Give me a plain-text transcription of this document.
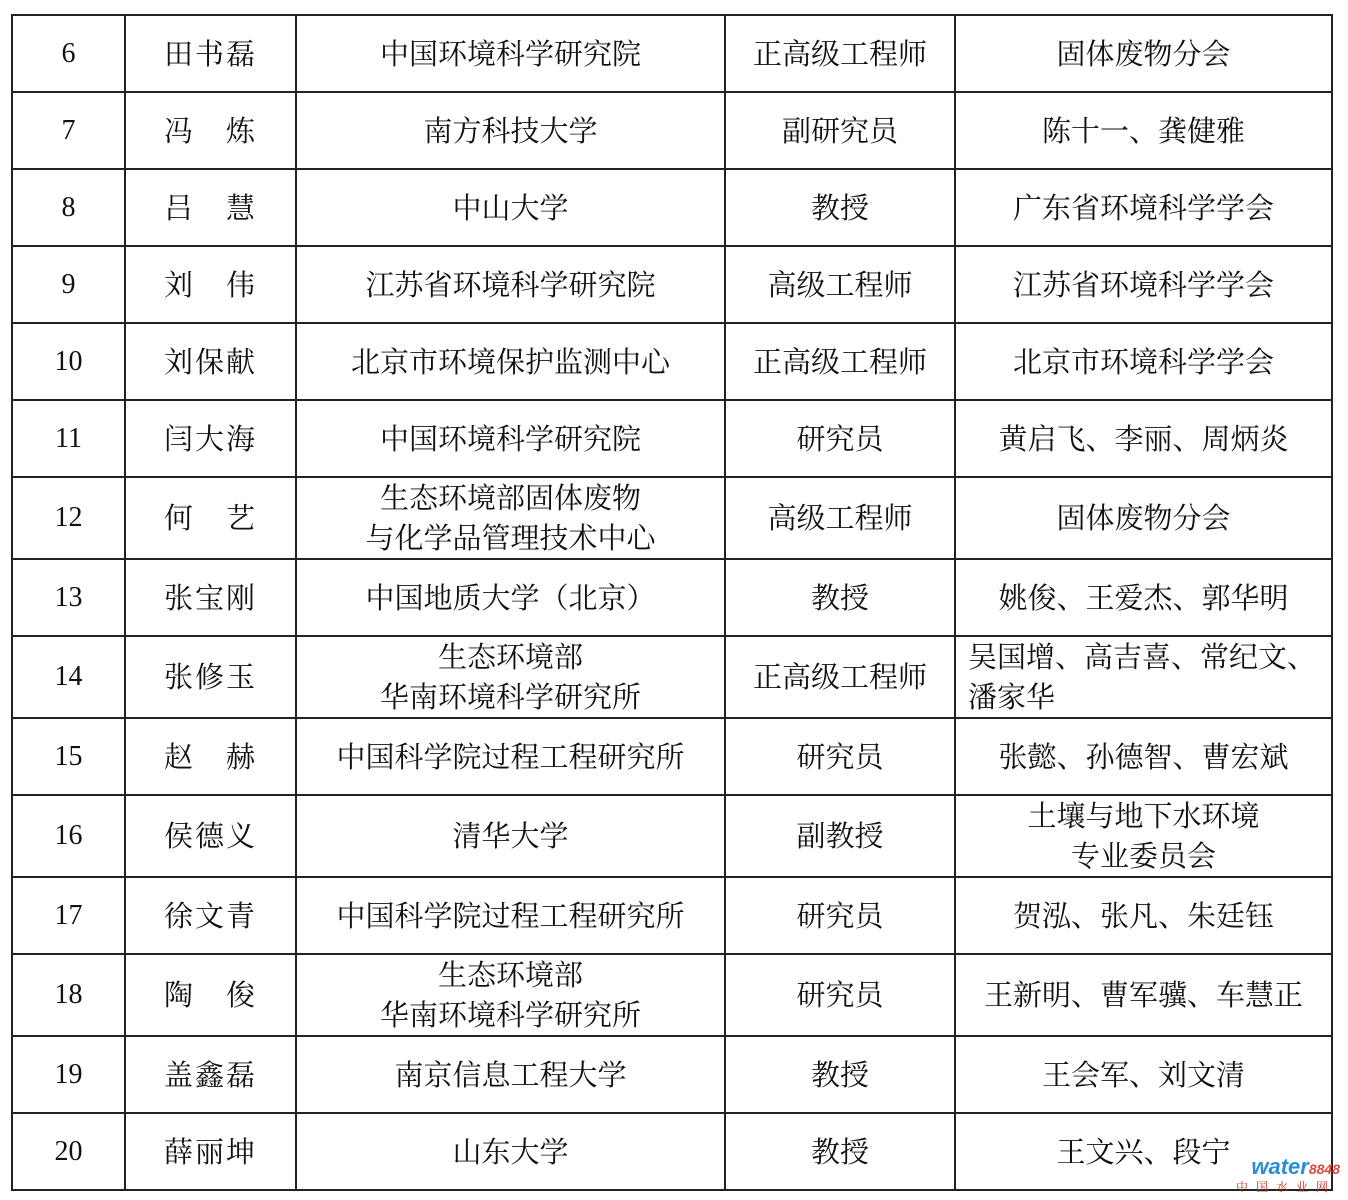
6	田书磊	中国环境科学研究院	正高级工程师	固体废物分会

7	冯　炼	南方科技大学	副研究员	陈十一、龚健雅

8	吕　慧	中山大学	教授	广东省环境科学学会

9	刘　伟	江苏省环境科学研究院	高级工程师	江苏省环境科学学会

10	刘保献	北京市环境保护监测中心	正高级工程师	北京市环境科学学会

11	闫大海	中国环境科学研究院	研究员	黄启飞、李丽、周炳炎

12	何　艺	生态环境部固体废物
与化学品管理技术中心	高级工程师	固体废物分会

13	张宝刚	中国地质大学（北京）	教授	姚俊、王爱杰、郭华明

14	张修玉	生态环境部
华南环境科学研究所	正高级工程师	吴国增、高吉喜、常纪文、
潘家华

15	赵　赫	中国科学院过程工程研究所	研究员	张懿、孙德智、曹宏斌

16	侯德义	清华大学	副教授	土壤与地下水环境
专业委员会

17	徐文青	中国科学院过程工程研究所	研究员	贺泓、张凡、朱廷钰

18	陶　俊	生态环境部
华南环境科学研究所	研究员	王新明、曹军骥、车慧正

19	盖鑫磊	南京信息工程大学	教授	王会军、刘文清

20	薛丽坤	山东大学	教授	王文兴、段宁 water8848
中国水业网
